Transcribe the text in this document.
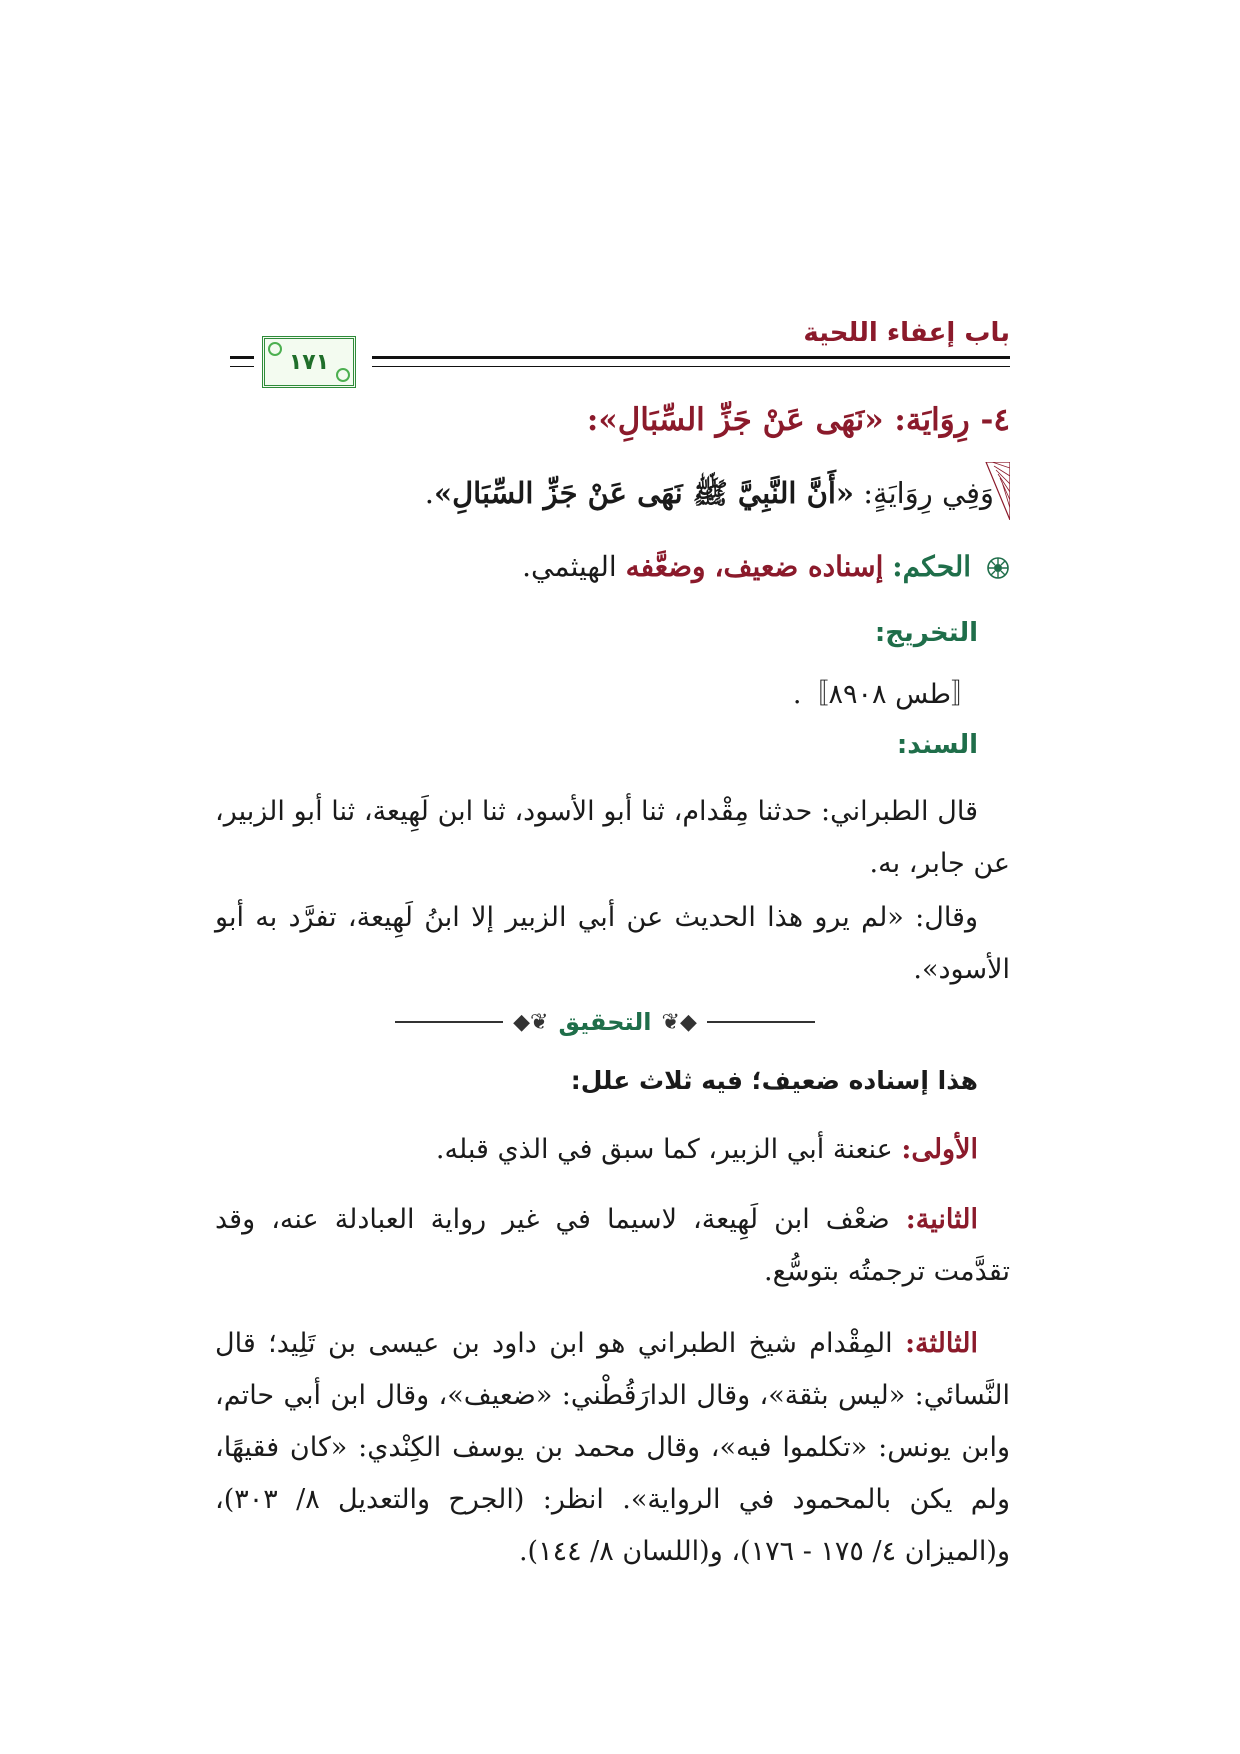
باب إعفاء اللحية
١٧١
٤- رِوَايَة: «نَهَى عَنْ جَزِّ السِّبَالِ»:
وَفِي رِوَايَةٍ: «أَنَّ النَّبِيَّ ﷺ نَهَى عَنْ جَزِّ السِّبَالِ».
الحكم: إسناده ضعيف، وضعَّفه الهيثمي.
التخريج:
〚طس ٨٩٠٨〛.
السند:
قال الطبراني: حدثنا مِقْدام، ثنا أبو الأسود، ثنا ابن لَهِيعة، ثنا أبو الزبير، عن جابر، به.
وقال: «لم يرو هذا الحديث عن أبي الزبير إلا ابنُ لَهِيعة، تفرَّد به أبو الأسود».
◆❦ التحقيق ❦◆
هذا إسناده ضعيف؛ فيه ثلاث علل:
الأولى: عنعنة أبي الزبير، كما سبق في الذي قبله.
الثانية: ضعْف ابن لَهِيعة، لاسيما في غير رواية العبادلة عنه، وقد تقدَّمت ترجمتُه بتوسُّع.
الثالثة: المِقْدام شيخ الطبراني هو ابن داود بن عيسى بن تَلِيد؛ قال النَّسائي: «ليس بثقة»، وقال الدارَقُطْني: «ضعيف»، وقال ابن أبي حاتم، وابن يونس: «تكلموا فيه»، وقال محمد بن يوسف الكِنْدي: «كان فقيهًا، ولم يكن بالمحمود في الرواية». انظر: (الجرح والتعديل ٨/ ٣٠٣)، و(الميزان ٤/ ١٧٥ - ١٧٦)، و(اللسان ٨/ ١٤٤).
